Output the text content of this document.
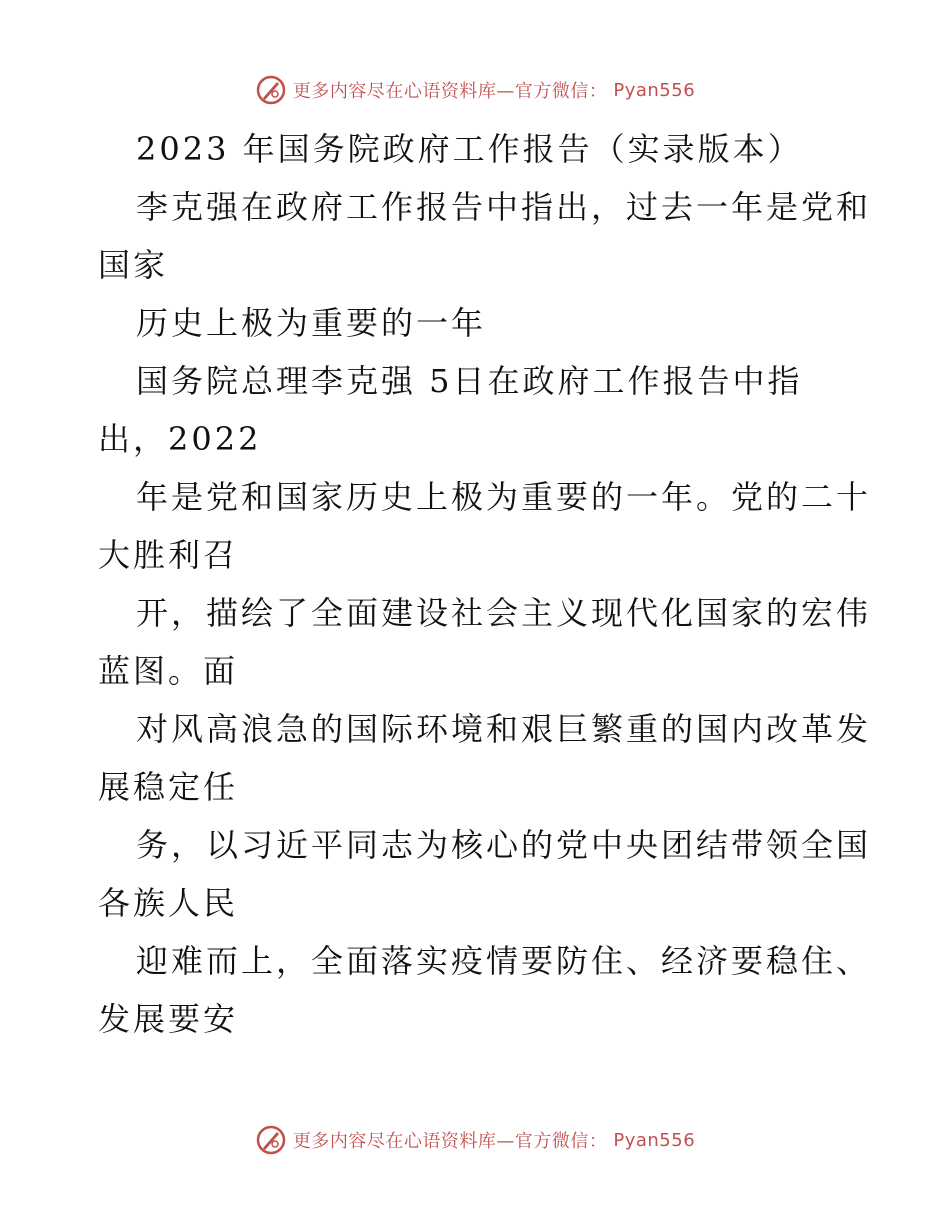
更多内容尽在心语资料库—官方微信： Pyan556
2023 年国务院政府工作报告（实录版本）
李克强在政府工作报告中指出，过去一年是党和
国家
历史上极为重要的一年
国务院总理李克强 5日在政府工作报告中指
出，2022
年是党和国家历史上极为重要的一年。党的二十
大胜利召
开，描绘了全面建设社会主义现代化国家的宏伟
蓝图。面
对风高浪急的国际环境和艰巨繁重的国内改革发
展稳定任
务，以习近平同志为核心的党中央团结带领全国
各族人民
迎难而上，全面落实疫情要防住、经济要稳住、
发展要安
更多内容尽在心语资料库—官方微信： Pyan556
